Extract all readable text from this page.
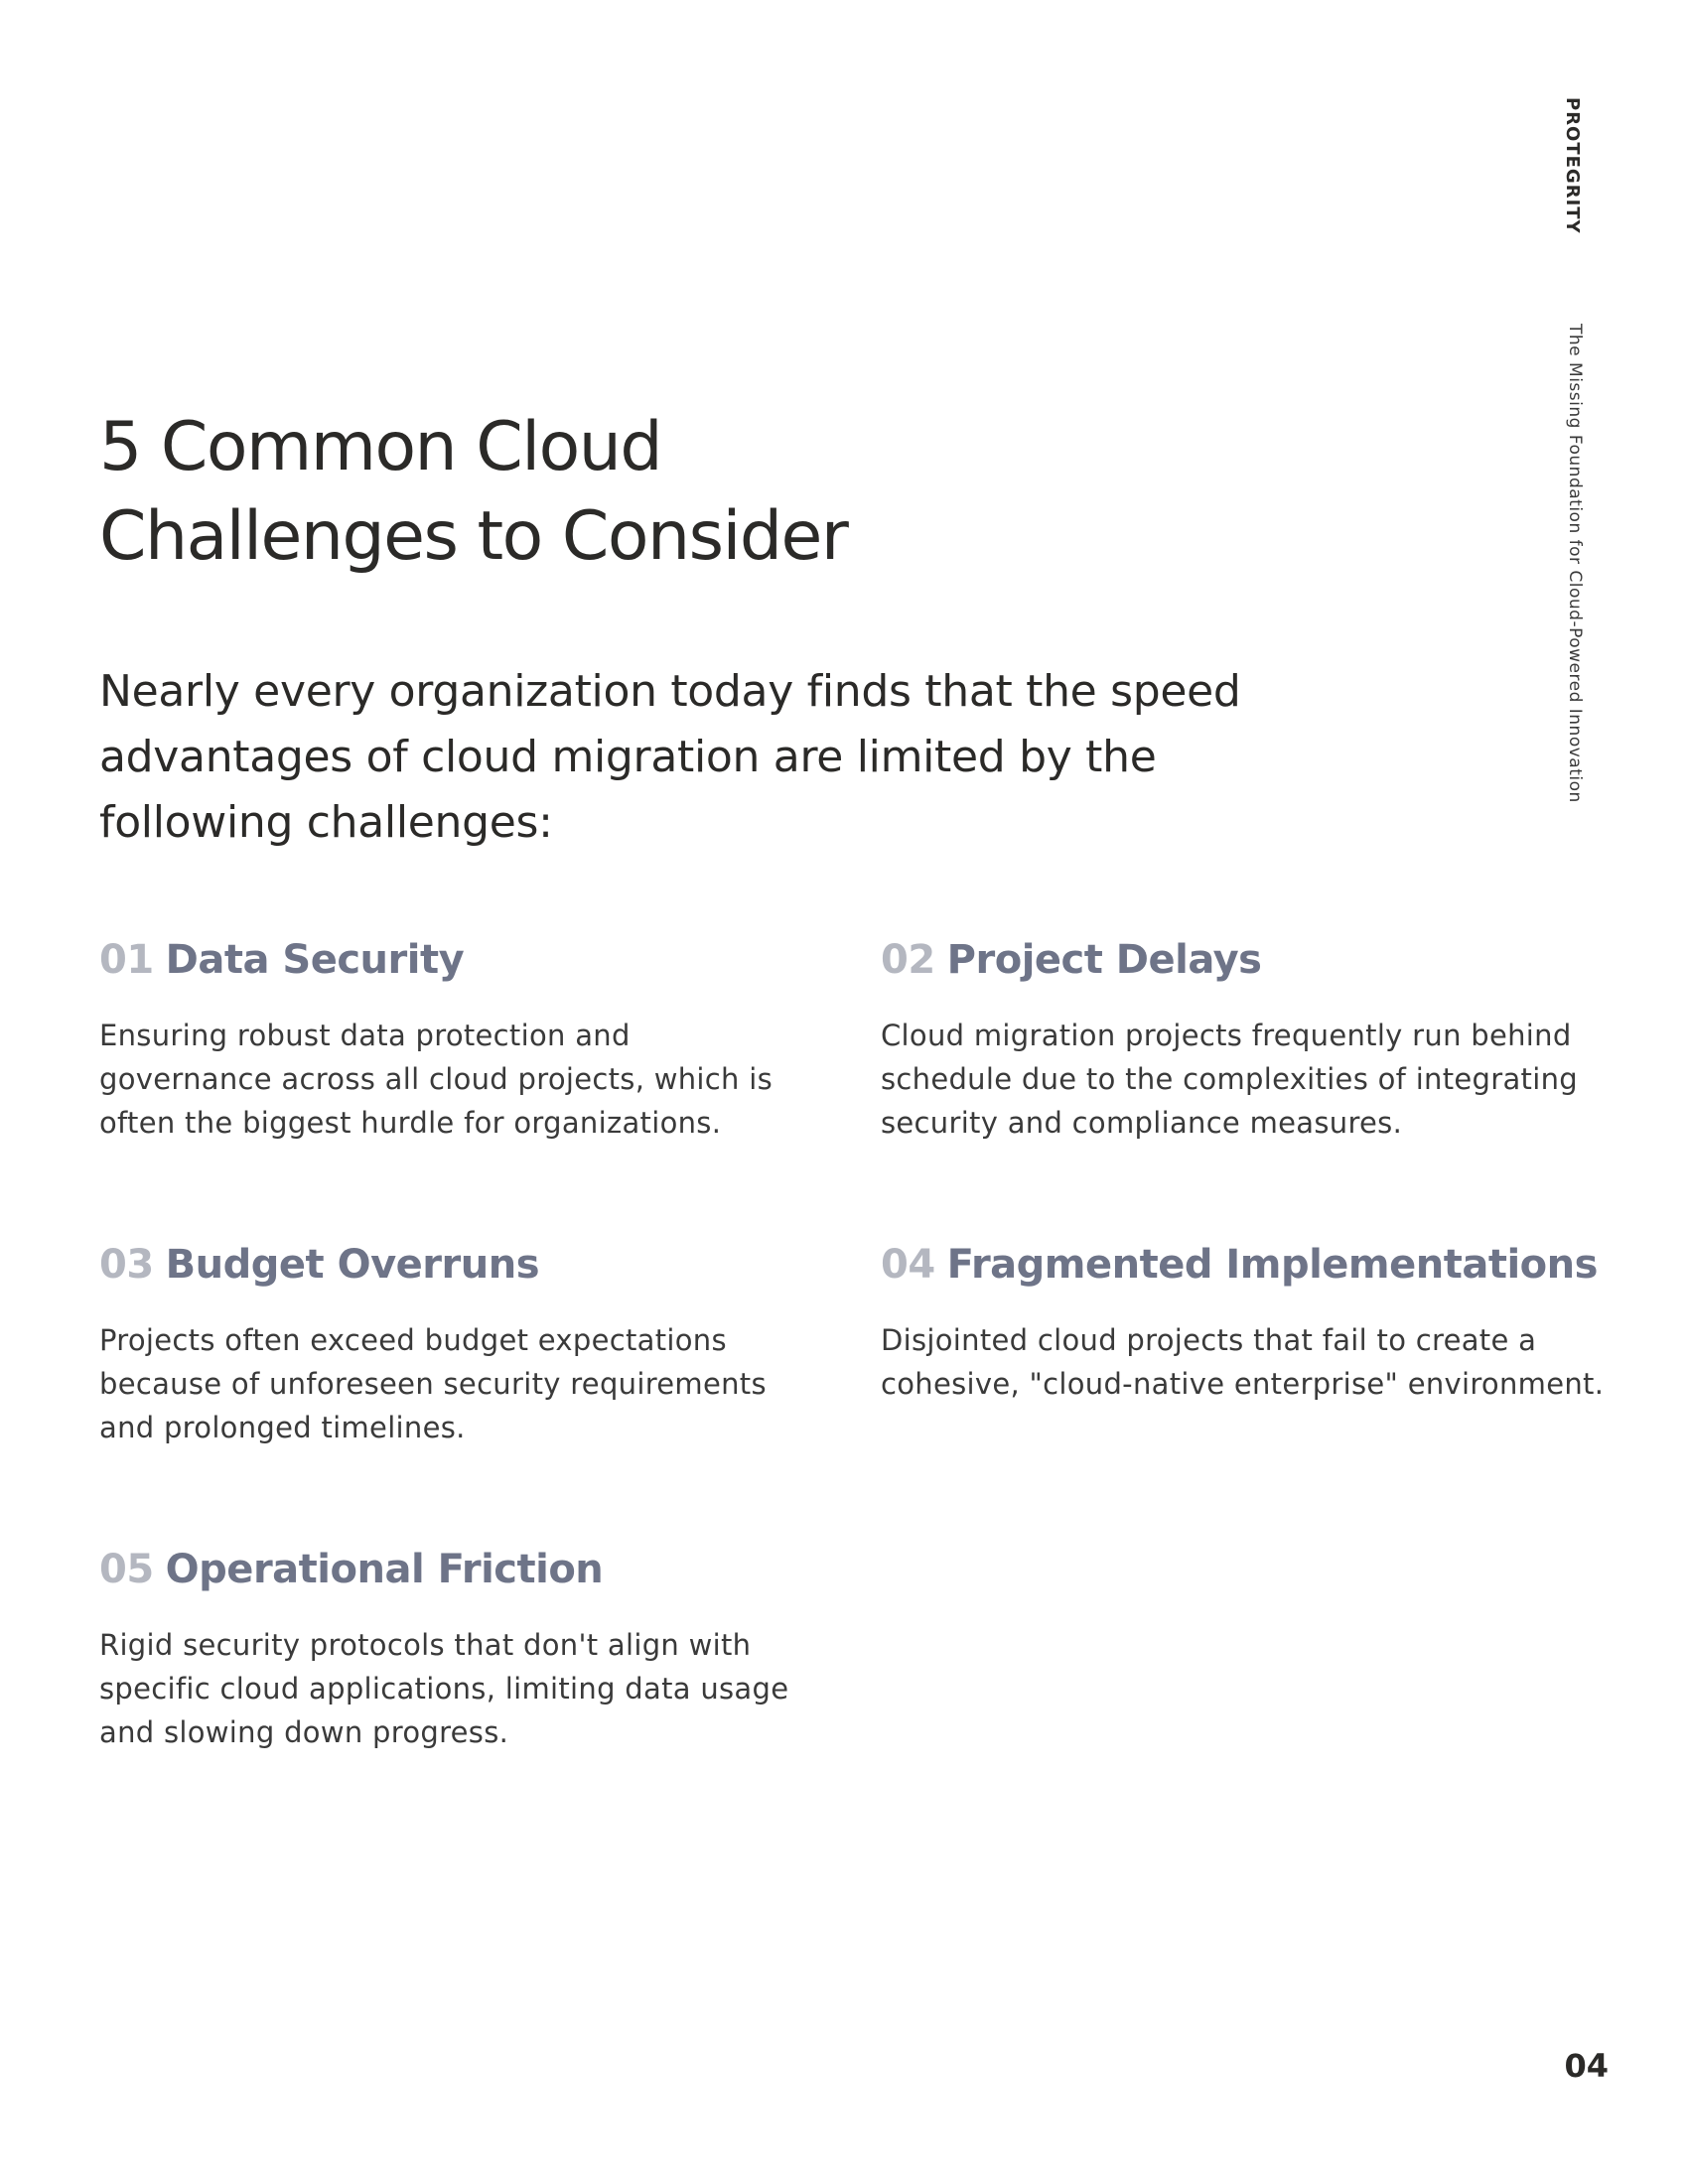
PROTEGRITY
The Missing Foundation for Cloud-Powered Innovation
5 Common Cloud
Challenges to Consider

Nearly every organization today finds that the speed
advantages of cloud migration are limited by the
following challenges:

01 Data Security

Ensuring robust data protection and
governance across all cloud projects, which is
often the biggest hurdle for organizations.

02 Project Delays

Cloud migration projects frequently run behind
schedule due to the complexities of integrating
security and compliance measures.

03 Budget Overruns

Projects often exceed budget expectations
because of unforeseen security requirements
and prolonged timelines.

04 Fragmented Implementations

Disjointed cloud projects that fail to create a
cohesive, "cloud-native enterprise" environment.

05 Operational Friction

Rigid security protocols that don't align with
specific cloud applications, limiting data usage
and slowing down progress.

04
